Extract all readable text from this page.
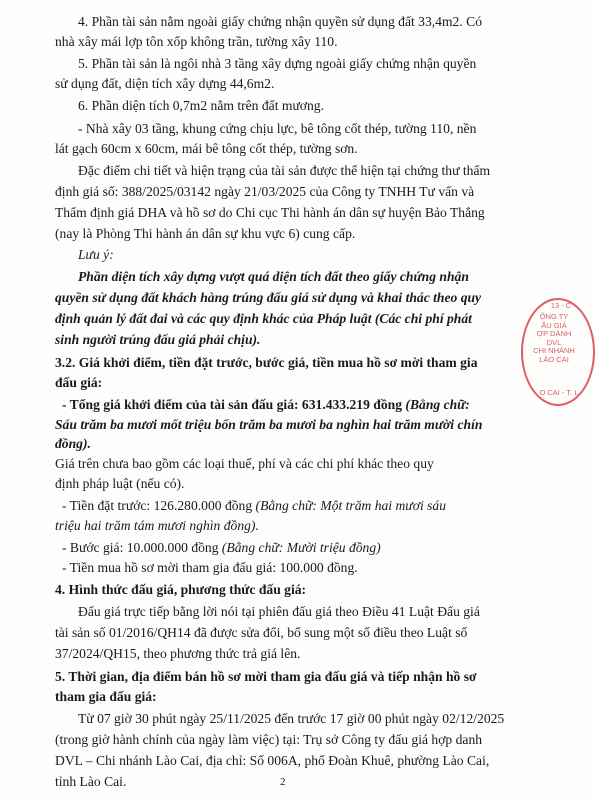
4. Phần tài sản nằm ngoài giấy chứng nhận quyền sử dụng đất 33,4m2. Có
nhà xây mái lợp tôn xốp không trần, tường xây 110.
5. Phần tài sản là ngôi nhà 3 tầng xây dựng ngoài giấy chứng nhận quyền
sử dụng đất, diện tích xây dựng 44,6m2.
6. Phần diện tích 0,7m2 nằm trên đất mương.
- Nhà xây 03 tầng, khung cứng chịu lực, bê tông cốt thép, tường 110, nền
lát gạch 60cm x 60cm, mái bê tông cốt thép, tường sơn.
Đặc điểm chi tiết và hiện trạng của tài sản được thể hiện tại chứng thư thẩm
định giá số: 388/2025/03142 ngày 21/03/2025 của Công ty TNHH Tư vấn và
Thẩm định giá DHA và hồ sơ do Chi cục Thi hành án dân sự huyện Bảo Thắng
(nay là Phòng Thi hành án dân sự khu vực 6) cung cấp.
Lưu ý:
Phần diện tích xây dựng vượt quá diện tích đất theo giấy chứng nhận
quyền sử dụng đất khách hàng trúng đấu giá sử dụng và khai thác theo quy
định quản lý đất đai và các quy định khác của Pháp luật (Các chi phí phát
sinh người trúng đấu giá phải chịu).
3.2. Giá khởi điểm, tiền đặt trước, bước giá, tiền mua hồ sơ mời tham gia
đấu giá:
- Tổng giá khởi điểm của tài sản đấu giá: 631.433.219 đồng (Bằng chữ:
Sáu trăm ba mươi mốt triệu bốn trăm ba mươi ba nghìn hai trăm mười chín
đồng).
Giá trên chưa bao gồm các loại thuế, phí và các chi phí khác theo quy
định pháp luật (nếu có).
- Tiền đặt trước: 126.280.000 đồng (Bằng chữ: Một trăm hai mươi sáu
triệu hai trăm tám mươi nghìn đồng).
- Bước giá: 10.000.000 đồng (Bằng chữ: Mười triệu đồng)
- Tiền mua hồ sơ mời tham gia đấu giá: 100.000 đồng.
4. Hình thức đấu giá, phương thức đấu giá:
Đấu giá trực tiếp bằng lời nói tại phiên đấu giá theo Điều 41 Luật Đấu giá
tài sản số 01/2016/QH14 đã được sửa đổi, bổ sung một số điều theo Luật số
37/2024/QH15, theo phương thức trả giá lên.
5. Thời gian, địa điểm bán hồ sơ mời tham gia đấu giá và tiếp nhận hồ sơ
tham gia đấu giá:
Từ 07 giờ 30 phút ngày 25/11/2025 đến trước 17 giờ 00 phút ngày 02/12/2025
(trong giờ hành chính của ngày làm việc) tại: Trụ sở Công ty đấu giá hợp danh
DVL – Chi nhánh Lào Cai, địa chỉ: Số 006A, phố Đoàn Khuê, phường Lào Cai,
tỉnh Lào Cai.
13 - C
ÔNG TY
ẤU GIÁ
ỢP DANH
DVL
CHI NHÁNH
LÀO CAI
O CAI - T. L
2
